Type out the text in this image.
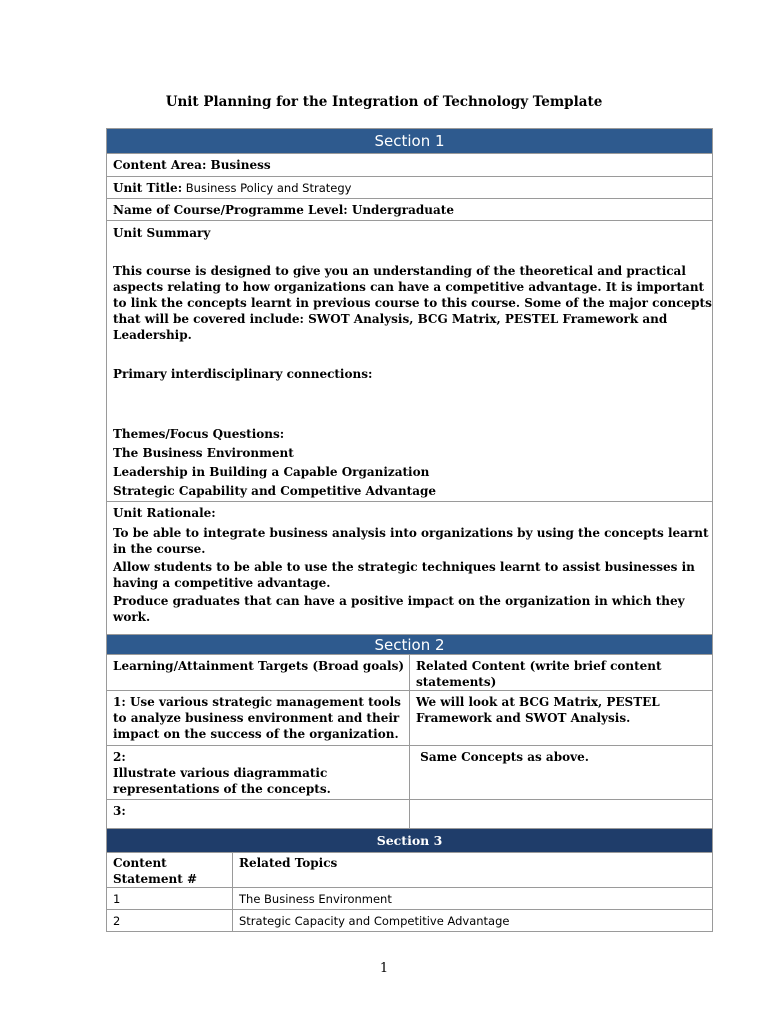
Unit Planning for the Integration of Technology Template
Section 1
Content Area: Business
Unit Title: Business Policy and Strategy
Name of Course/Programme Level: Undergraduate

Unit Summary

This course is designed to give you an understanding of the theoretical and practical aspects relating to how organizations can have a competitive advantage. It is important to link the concepts learnt in previous course to this course. Some of the major concepts that will be covered include: SWOT Analysis, BCG Matrix, PESTEL Framework and Leadership.

Primary interdisciplinary connections:

Themes/Focus Questions:

The Business Environment

Leadership in Building a Capable Organization

Strategic Capability and Competitive Advantage

Unit Rationale:

To be able to integrate business analysis into organizations by using the concepts learnt in the course.

Allow students to be able to use the strategic techniques learnt to assist businesses in having a competitive advantage.

Produce graduates that can have a positive impact on the organization in which they work.

Section 2	
Learning/Attainment Targets (Broad goals)	Related Content (write brief content statements)
1: Use various strategic management tools to analyze business environment and their impact on the success of the organization.	We will look at BCG Matrix, PESTEL Framework and SWOT Analysis.

2:

Illustrate various diagrammatic representations of the concepts.	Same Concepts as above.
3:	
Section 3	
Content Statement #	Related Topics
1	The Business Environment
2	Strategic Capacity and Competitive Advantage
1
